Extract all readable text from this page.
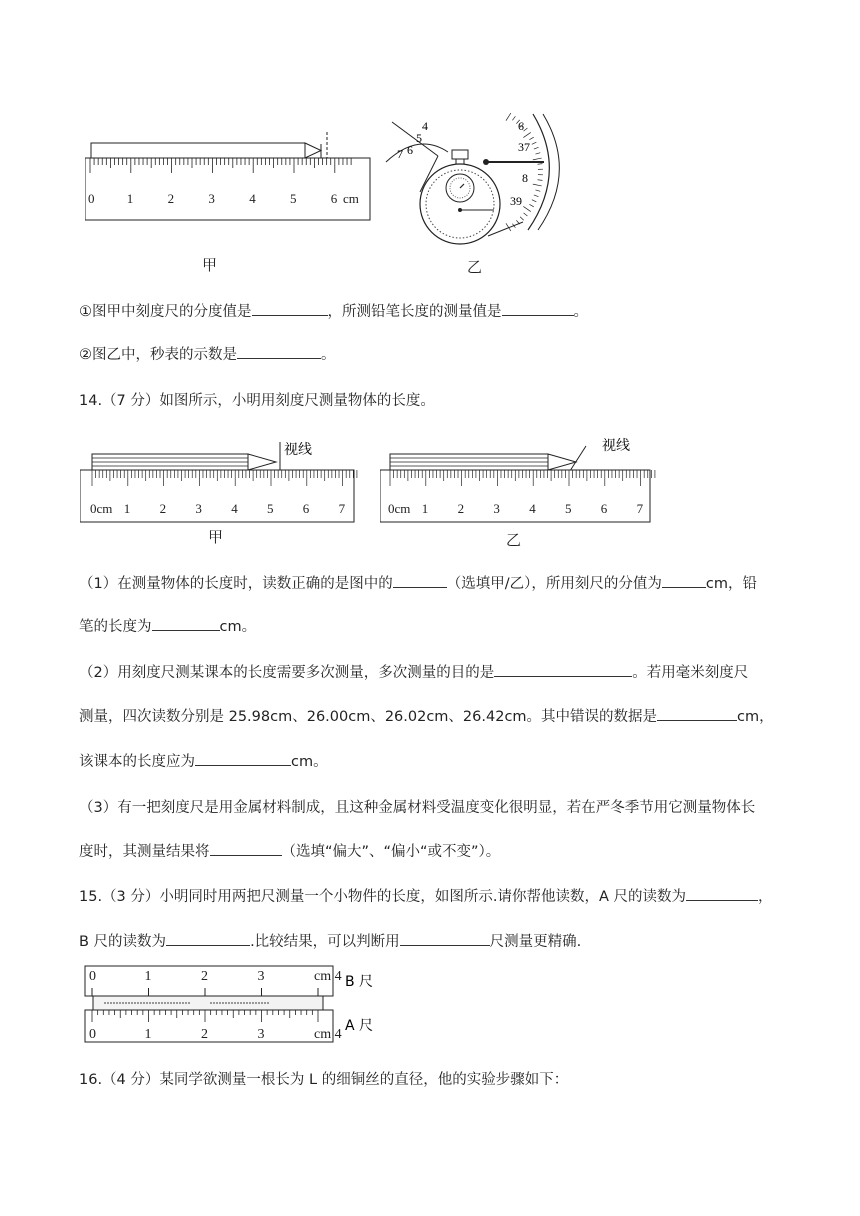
0 1	2	3	4	5	6 cm
4
5
6
7
6
37
8
39
甲	乙
①图甲中刻度尺的分度值是	，所测铅笔长度的测量值是	。
②图乙中，秒表的示数是	。
14.（7 分）如图所示，小明用刻度尺测量物体的长度。
视线
0cm 1 2 3 4 5 6 7
视线
0cm 1 2 3 4 5 6 7
甲	乙
（1）在测量物体的长度时，读数正确的是图中的	（选填甲/乙），所用刻尺的分值为	cm，铅
笔的长度为	cm。
（2）用刻度尺测某课本的长度需要多次测量，多次测量的目的是	。若用毫米刻度尺
测量，四次读数分别是 25.98cm、26.00cm、26.02cm、26.42cm。其中错误的数据是	cm，
该课本的长度应为	cm。
（3）有一把刻度尺是用金属材料制成，且这种金属材料受温度变化很明显，若在严冬季节用它测量物体长
度时，其测量结果将	（选填“偏大”、“偏小“或不变”）。
15.（3 分）小明同时用两把尺测量一个小物件的长度，如图所示.请你帮他读数，A 尺的读数为	，
B 尺的读数为	.比较结果，可以判断用	尺测量更精确.
0	1	2	3	cm 4 B 尺
0	1	2	3	cm 4
A 尺
16.（4 分）某同学欲测量一根长为 L 的细铜丝的直径，他的实验步骤如下：
